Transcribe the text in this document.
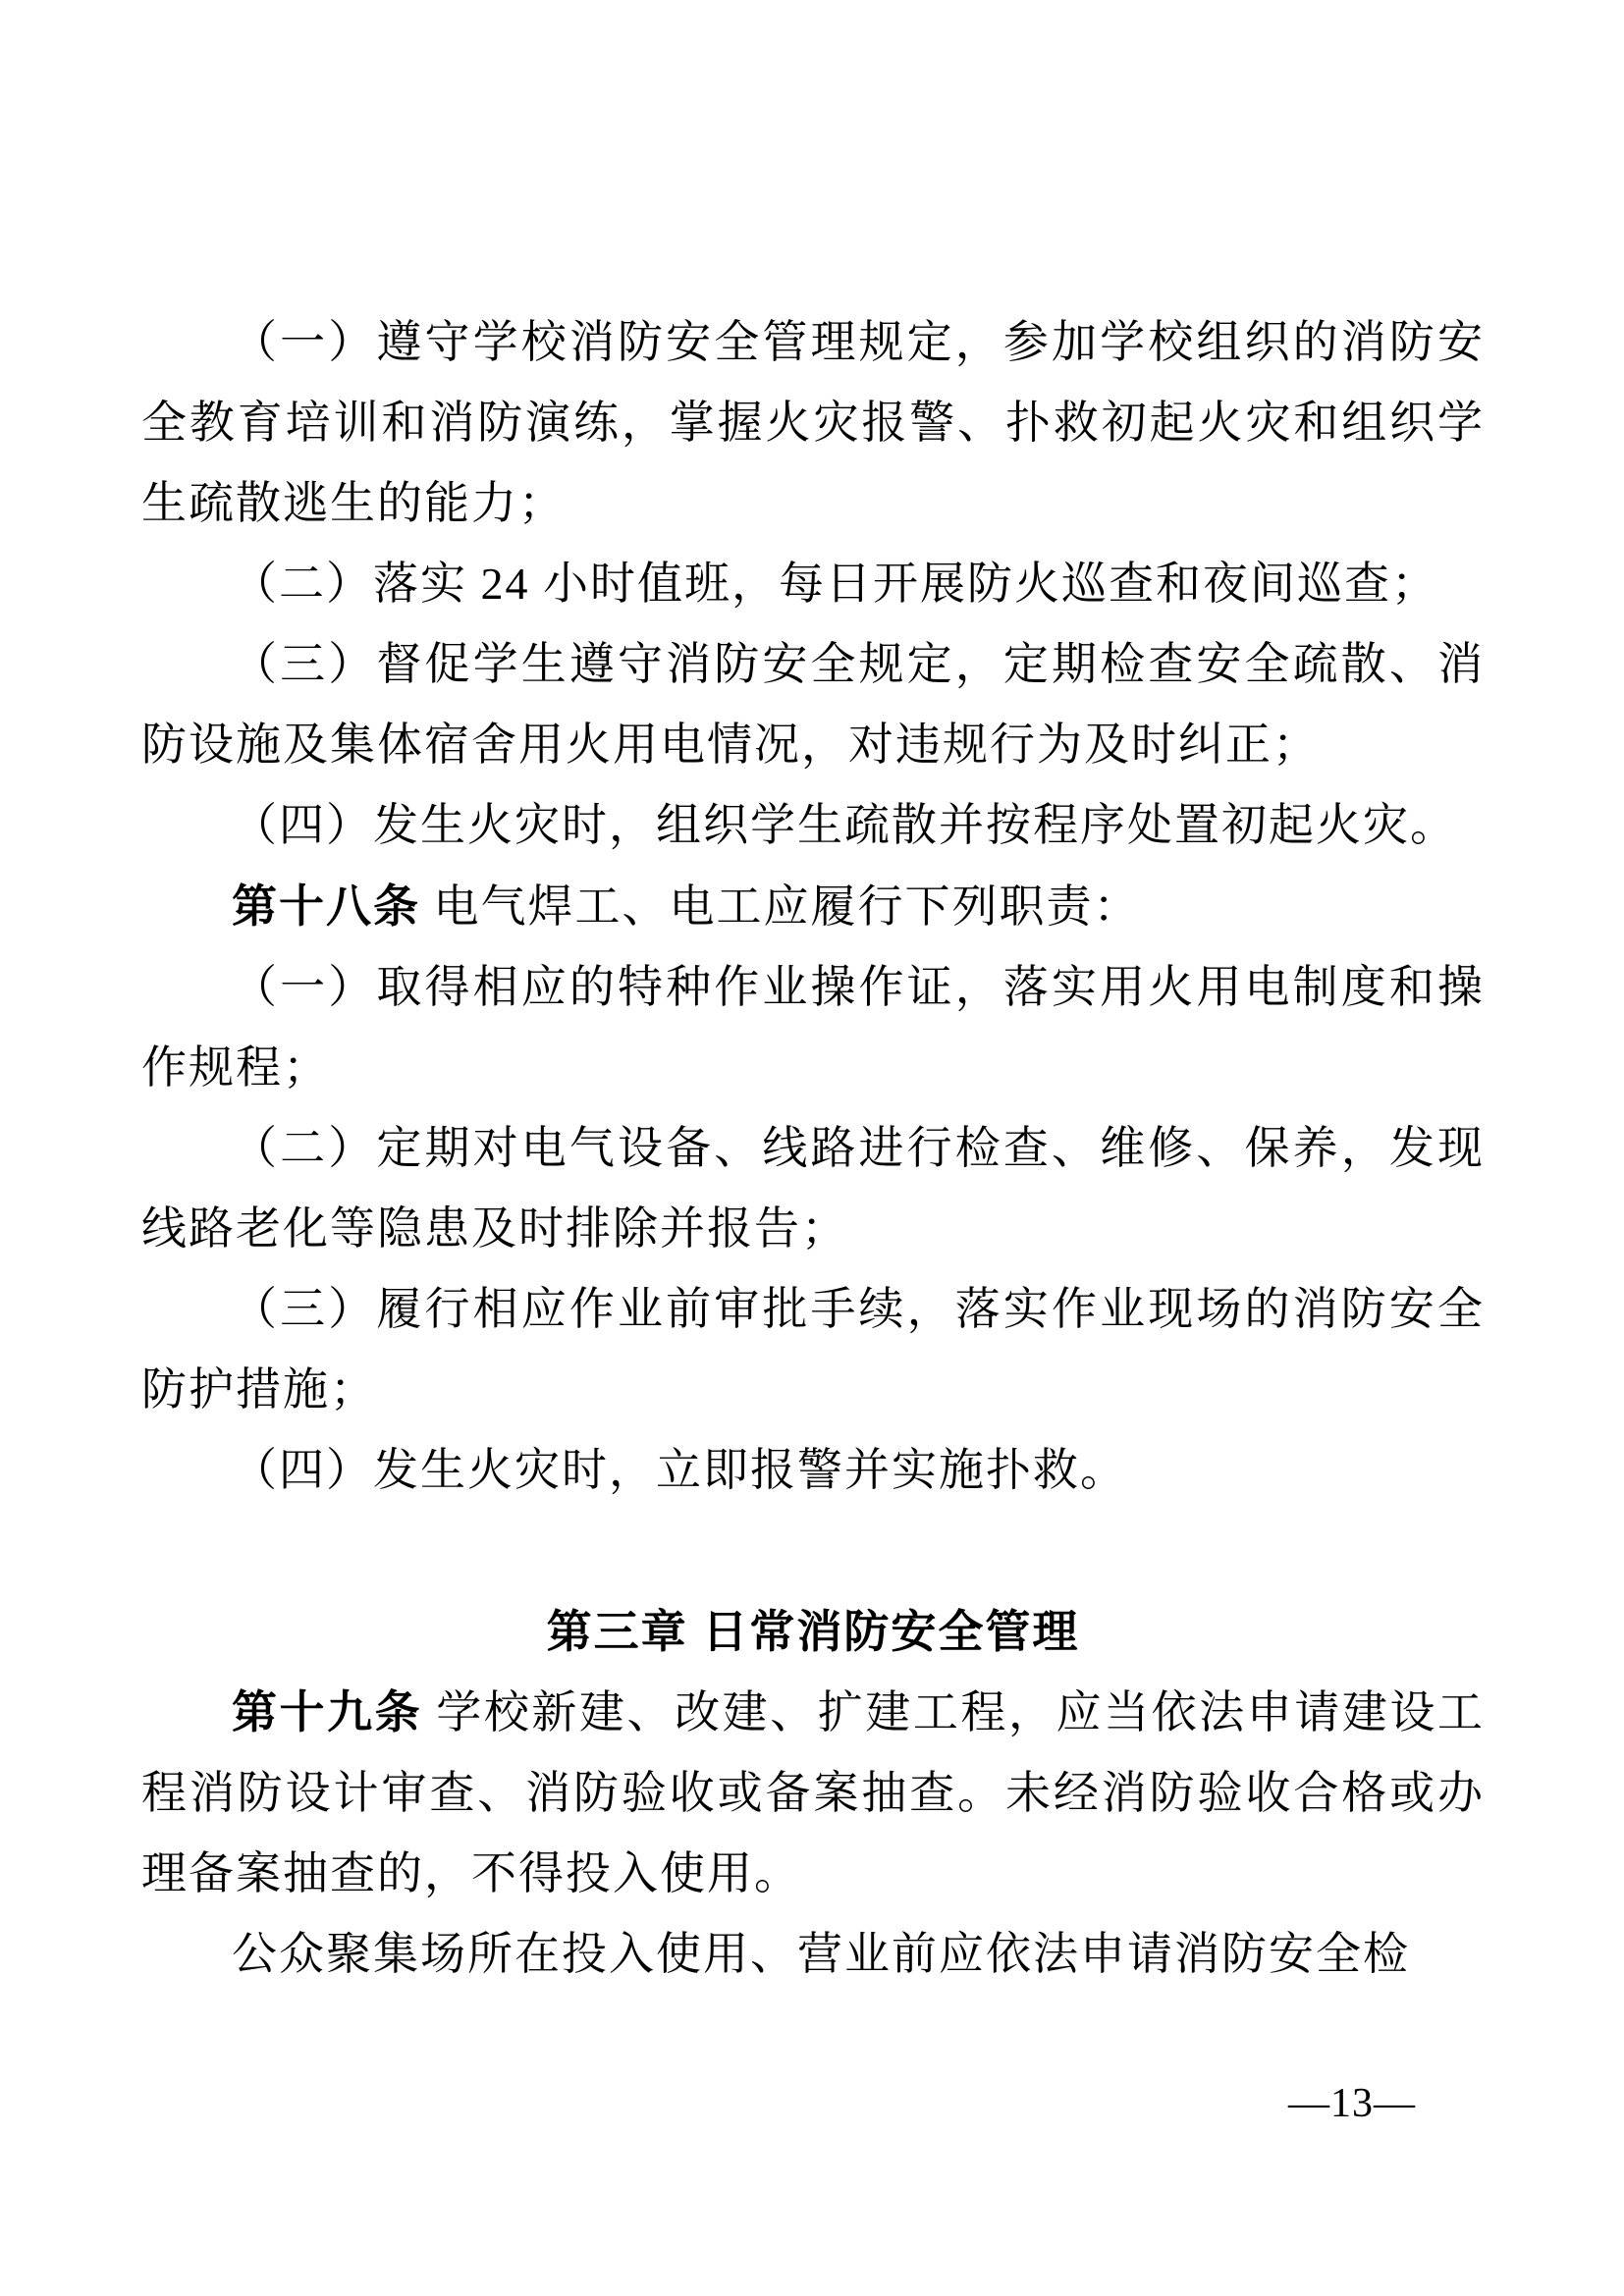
（一）遵守学校消防安全管理规定，参加学校组织的消防安全教育培训和消防演练，掌握火灾报警、扑救初起火灾和组织学生疏散逃生的能力；

（二）落实 24 小时值班，每日开展防火巡查和夜间巡查；

（三）督促学生遵守消防安全规定，定期检查安全疏散、消防设施及集体宿舍用火用电情况，对违规行为及时纠正；

（四）发生火灾时，组织学生疏散并按程序处置初起火灾。

第十八条 电气焊工、电工应履行下列职责：

（一）取得相应的特种作业操作证，落实用火用电制度和操作规程；

（二）定期对电气设备、线路进行检查、维修、保养，发现线路老化等隐患及时排除并报告；

（三）履行相应作业前审批手续，落实作业现场的消防安全防护措施；

（四）发生火灾时，立即报警并实施扑救。

第三章 日常消防安全管理

第十九条 学校新建、改建、扩建工程，应当依法申请建设工程消防设计审查、消防验收或备案抽查。未经消防验收合格或办理备案抽查的，不得投入使用。

公众聚集场所在投入使用、营业前应依法申请消防安全检

—13—
